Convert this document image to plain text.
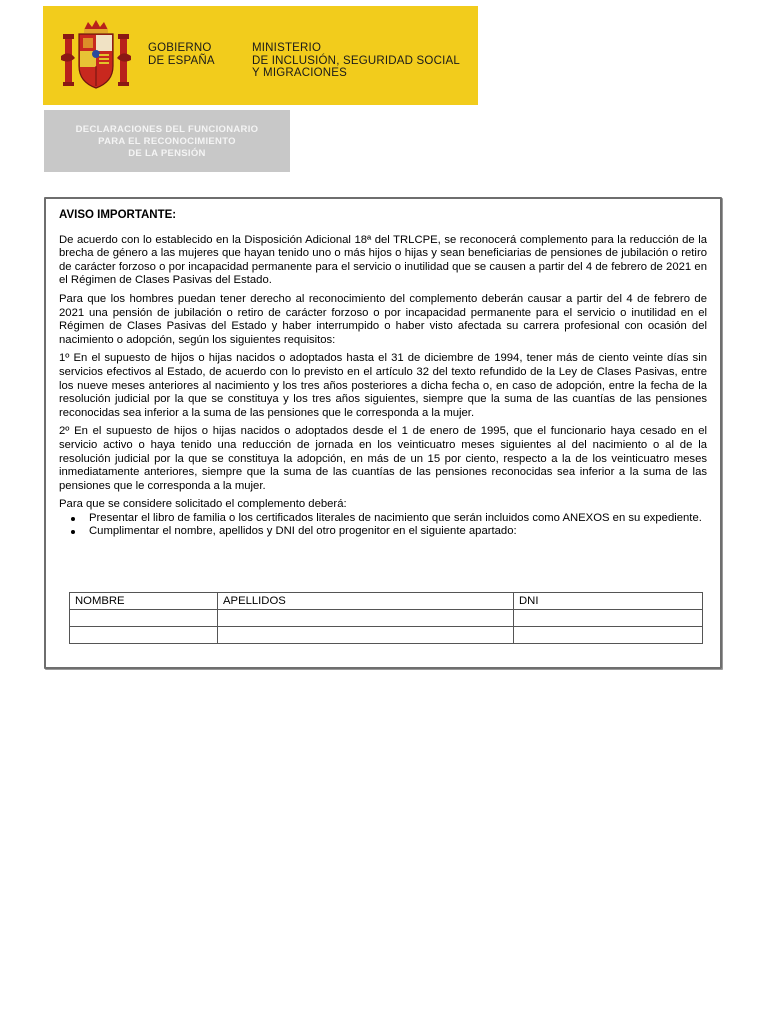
GOBIERNO
DE ESPAÑA
MINISTERIO
DE INCLUSIÓN, SEGURIDAD SOCIAL
Y MIGRACIONES
DECLARACIONES DEL FUNCIONARIO
PARA EL RECONOCIMIENTO
DE LA PENSIÓN

AVISO IMPORTANTE:

De acuerdo con lo establecido en la Disposición Adicional 18ª del TRLCPE, se reconocerá complemento para la reducción de la brecha de género a las mujeres que hayan tenido uno o más hijos o hijas y sean beneficiarias de pensiones de jubilación o retiro de carácter forzoso o por incapacidad permanente para el servicio o inutilidad que se causen a partir del 4 de febrero de 2021 en el Régimen de Clases Pasivas del Estado.

Para que los hombres puedan tener derecho al reconocimiento del complemento deberán causar a partir del 4 de febrero de 2021 una pensión de jubilación o retiro de carácter forzoso o por incapacidad permanente para el servicio o inutilidad en el Régimen de Clases Pasivas del Estado y haber interrumpido o haber visto afectada su carrera profesional con ocasión del nacimiento o adopción, según los siguientes requisitos:

1º En el supuesto de hijos o hijas nacidos o adoptados hasta el 31 de diciembre de 1994, tener más de ciento veinte días sin servicios efectivos al Estado, de acuerdo con lo previsto en el artículo 32 del texto refundido de la Ley de Clases Pasivas, entre los nueve meses anteriores al nacimiento y los tres años posteriores a dicha fecha o, en caso de adopción, entre la fecha de la resolución judicial por la que se constituya y los tres años siguientes, siempre que la suma de las cuantías de las pensiones reconocidas sea inferior a la suma de las pensiones que le corresponda a la mujer.

2º En el supuesto de hijos o hijas nacidos o adoptados desde el 1 de enero de 1995, que el funcionario haya cesado en el servicio activo o haya tenido una reducción de jornada en los veinticuatro meses siguientes al del nacimiento o al de la resolución judicial por la que se constituya la adopción, en más de un 15 por ciento, respecto a la de los veinticuatro meses inmediatamente anteriores, siempre que la suma de las cuantías de las pensiones reconocidas sea inferior a la suma de las pensiones que le corresponda a la mujer.

Para que se considere solicitado el complemento deberá:

Presentar el libro de familia o los certificados literales de nacimiento que serán incluidos como ANEXOS en su expediente.
Cumplimentar el nombre, apellidos y DNI del otro progenitor en el siguiente apartado:
NOMBRE	APELLIDOS	DNI
